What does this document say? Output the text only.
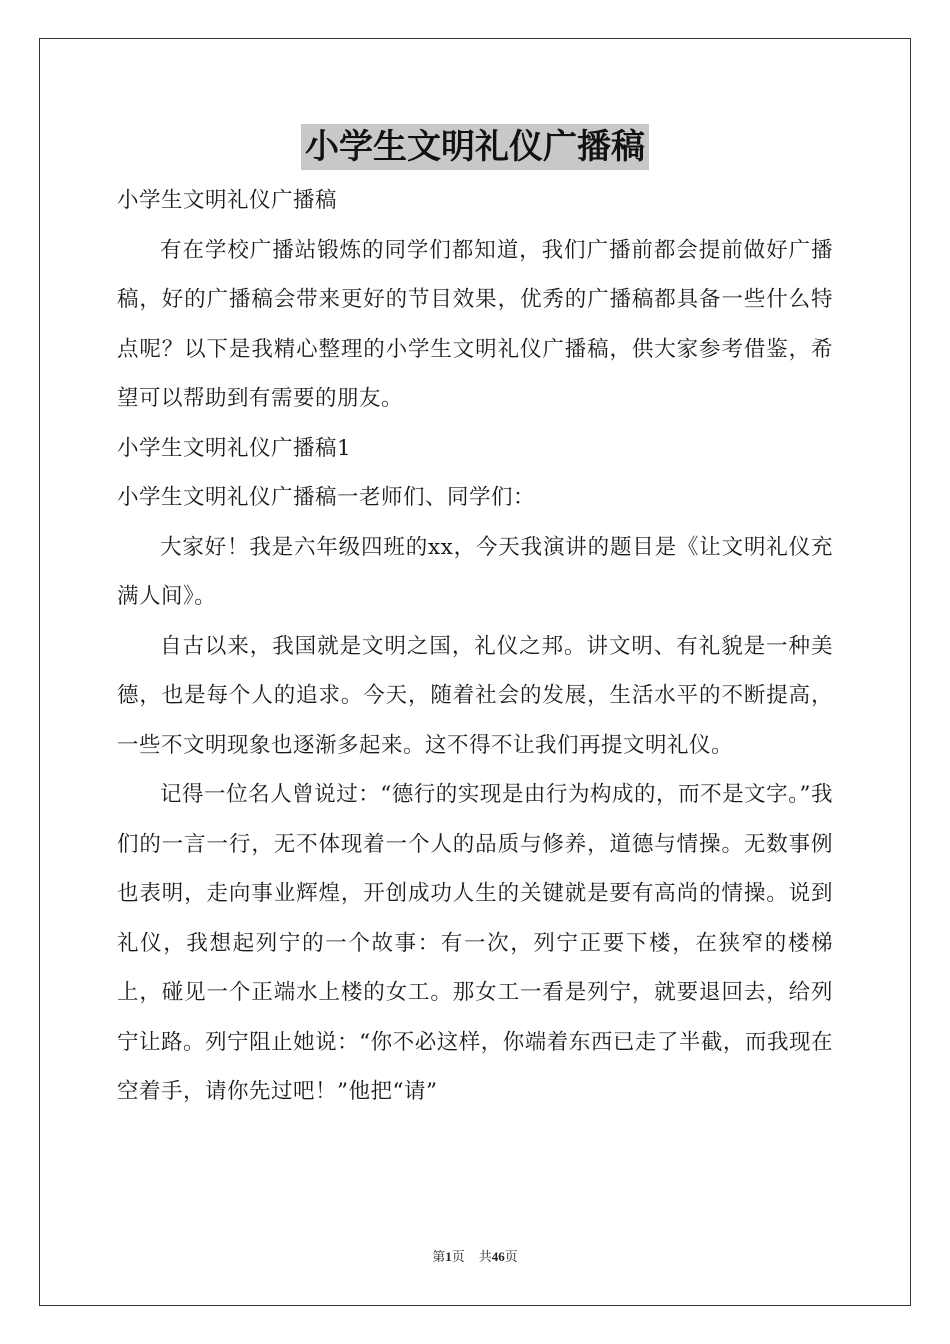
小学生文明礼仪广播稿

小学生文明礼仪广播稿

有在学校广播站锻炼的同学们都知道，我们广播前都会提前做好广播稿，好的广播稿会带来更好的节目效果，优秀的广播稿都具备一些什么特点呢？以下是我精心整理的小学生文明礼仪广播稿，供大家参考借鉴，希望可以帮助到有需要的朋友。

小学生文明礼仪广播稿1

小学生文明礼仪广播稿一老师们、同学们：

大家好！我是六年级四班的xx，今天我演讲的题目是《让文明礼仪充满人间》。

自古以来，我国就是文明之国，礼仪之邦。讲文明、有礼貌是一种美德，也是每个人的追求。今天，随着社会的发展，生活水平的不断提高，一些不文明现象也逐渐多起来。这不得不让我们再提文明礼仪。

记得一位名人曾说过：“德行的实现是由行为构成的，而不是文字。”我们的一言一行，无不体现着一个人的品质与修养，道德与情操。无数事例也表明，走向事业辉煌，开创成功人生的关键就是要有高尚的情操。说到礼仪，我想起列宁的一个故事：有一次，列宁正要下楼，在狭窄的楼梯上，碰见一个正端水上楼的女工。那女工一看是列宁，就要退回去，给列宁让路。列宁阻止她说：“你不必这样，你端着东西已走了半截，而我现在空着手，请你先过吧！”他把“请”

第1页 共46页
